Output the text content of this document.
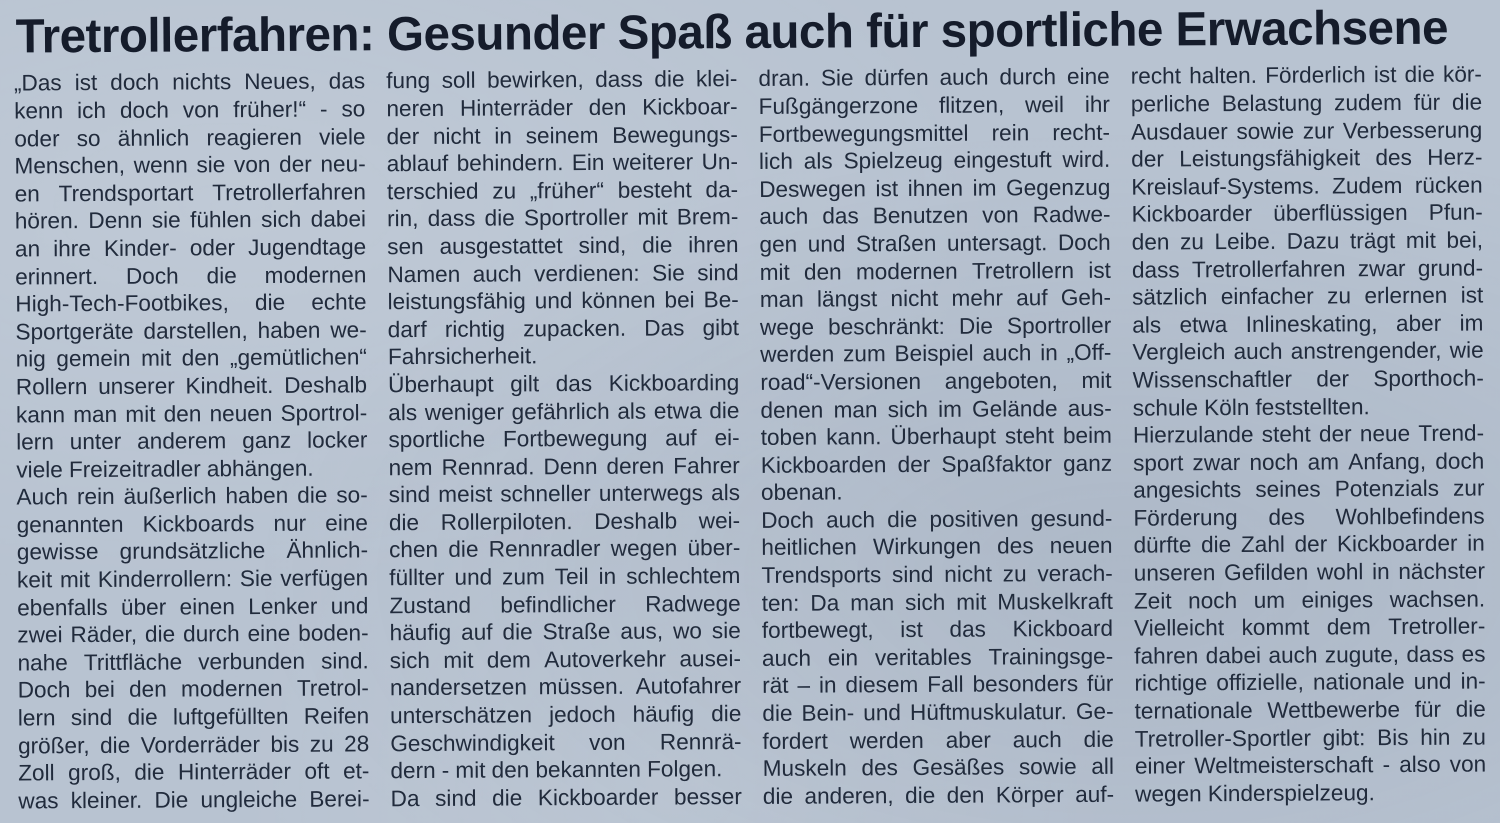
Tretrollerfahren: Gesunder Spaß auch für sportliche Erwachsene
„Das ist doch nichts Neues, das
kenn ich doch von früher!“ - so
oder so ähnlich reagieren viele
Menschen, wenn sie von der neu-
en Trendsportart Tretrollerfahren
hören. Denn sie fühlen sich dabei
an ihre Kinder- oder Jugendtage
erinnert. Doch die modernen
High-Tech-Footbikes, die echte
Sportgeräte darstellen, haben we-
nig gemein mit den „gemütlichen“
Rollern unserer Kindheit. Deshalb
kann man mit den neuen Sportrol-
lern unter anderem ganz locker
viele Freizeitradler abhängen.
Auch rein äußerlich haben die so-
genannten Kickboards nur eine
gewisse grundsätzliche Ähnlich-
keit mit Kinderrollern: Sie verfügen
ebenfalls über einen Lenker und
zwei Räder, die durch eine boden-
nahe Trittfläche verbunden sind.
Doch bei den modernen Tretrol-
lern sind die luftgefüllten Reifen
größer, die Vorderräder bis zu 28
Zoll groß, die Hinterräder oft et-
was kleiner. Die ungleiche Berei-
fung soll bewirken, dass die klei-
neren Hinterräder den Kickboar-
der nicht in seinem Bewegungs-
ablauf behindern. Ein weiterer Un-
terschied zu „früher“ besteht da-
rin, dass die Sportroller mit Brem-
sen ausgestattet sind, die ihren
Namen auch verdienen: Sie sind
leistungsfähig und können bei Be-
darf richtig zupacken. Das gibt
Fahrsicherheit.
Überhaupt gilt das Kickboarding
als weniger gefährlich als etwa die
sportliche Fortbewegung auf ei-
nem Rennrad. Denn deren Fahrer
sind meist schneller unterwegs als
die Rollerpiloten. Deshalb wei-
chen die Rennradler wegen über-
füllter und zum Teil in schlechtem
Zustand befindlicher Radwege
häufig auf die Straße aus, wo sie
sich mit dem Autoverkehr ausei-
nandersetzen müssen. Autofahrer
unterschätzen jedoch häufig die
Geschwindigkeit von Rennrä-
dern - mit den bekannten Folgen.
Da sind die Kickboarder besser
dran. Sie dürfen auch durch eine
Fußgängerzone flitzen, weil ihr
Fortbewegungsmittel rein recht-
lich als Spielzeug eingestuft wird.
Deswegen ist ihnen im Gegenzug
auch das Benutzen von Radwe-
gen und Straßen untersagt. Doch
mit den modernen Tretrollern ist
man längst nicht mehr auf Geh-
wege beschränkt: Die Sportroller
werden zum Beispiel auch in „Off-
road“-Versionen angeboten, mit
denen man sich im Gelände aus-
toben kann. Überhaupt steht beim
Kickboarden der Spaßfaktor ganz
obenan.
Doch auch die positiven gesund-
heitlichen Wirkungen des neuen
Trendsports sind nicht zu verach-
ten: Da man sich mit Muskelkraft
fortbewegt, ist das Kickboard
auch ein veritables Trainingsge-
rät – in diesem Fall besonders für
die Bein- und Hüftmuskulatur. Ge-
fordert werden aber auch die
Muskeln des Gesäßes sowie all
die anderen, die den Körper auf-
recht halten. Förderlich ist die kör-
perliche Belastung zudem für die
Ausdauer sowie zur Verbesserung
der Leistungsfähigkeit des Herz-
Kreislauf-Systems. Zudem rücken
Kickboarder überflüssigen Pfun-
den zu Leibe. Dazu trägt mit bei,
dass Tretrollerfahren zwar grund-
sätzlich einfacher zu erlernen ist
als etwa Inlineskating, aber im
Vergleich auch anstrengender, wie
Wissenschaftler der Sporthoch-
schule Köln feststellten.
Hierzulande steht der neue Trend-
sport zwar noch am Anfang, doch
angesichts seines Potenzials zur
Förderung des Wohlbefindens
dürfte die Zahl der Kickboarder in
unseren Gefilden wohl in nächster
Zeit noch um einiges wachsen.
Vielleicht kommt dem Tretroller-
fahren dabei auch zugute, dass es
richtige offizielle, nationale und in-
ternationale Wettbewerbe für die
Tretroller-Sportler gibt: Bis hin zu
einer Weltmeisterschaft - also von
wegen Kinderspielzeug.
